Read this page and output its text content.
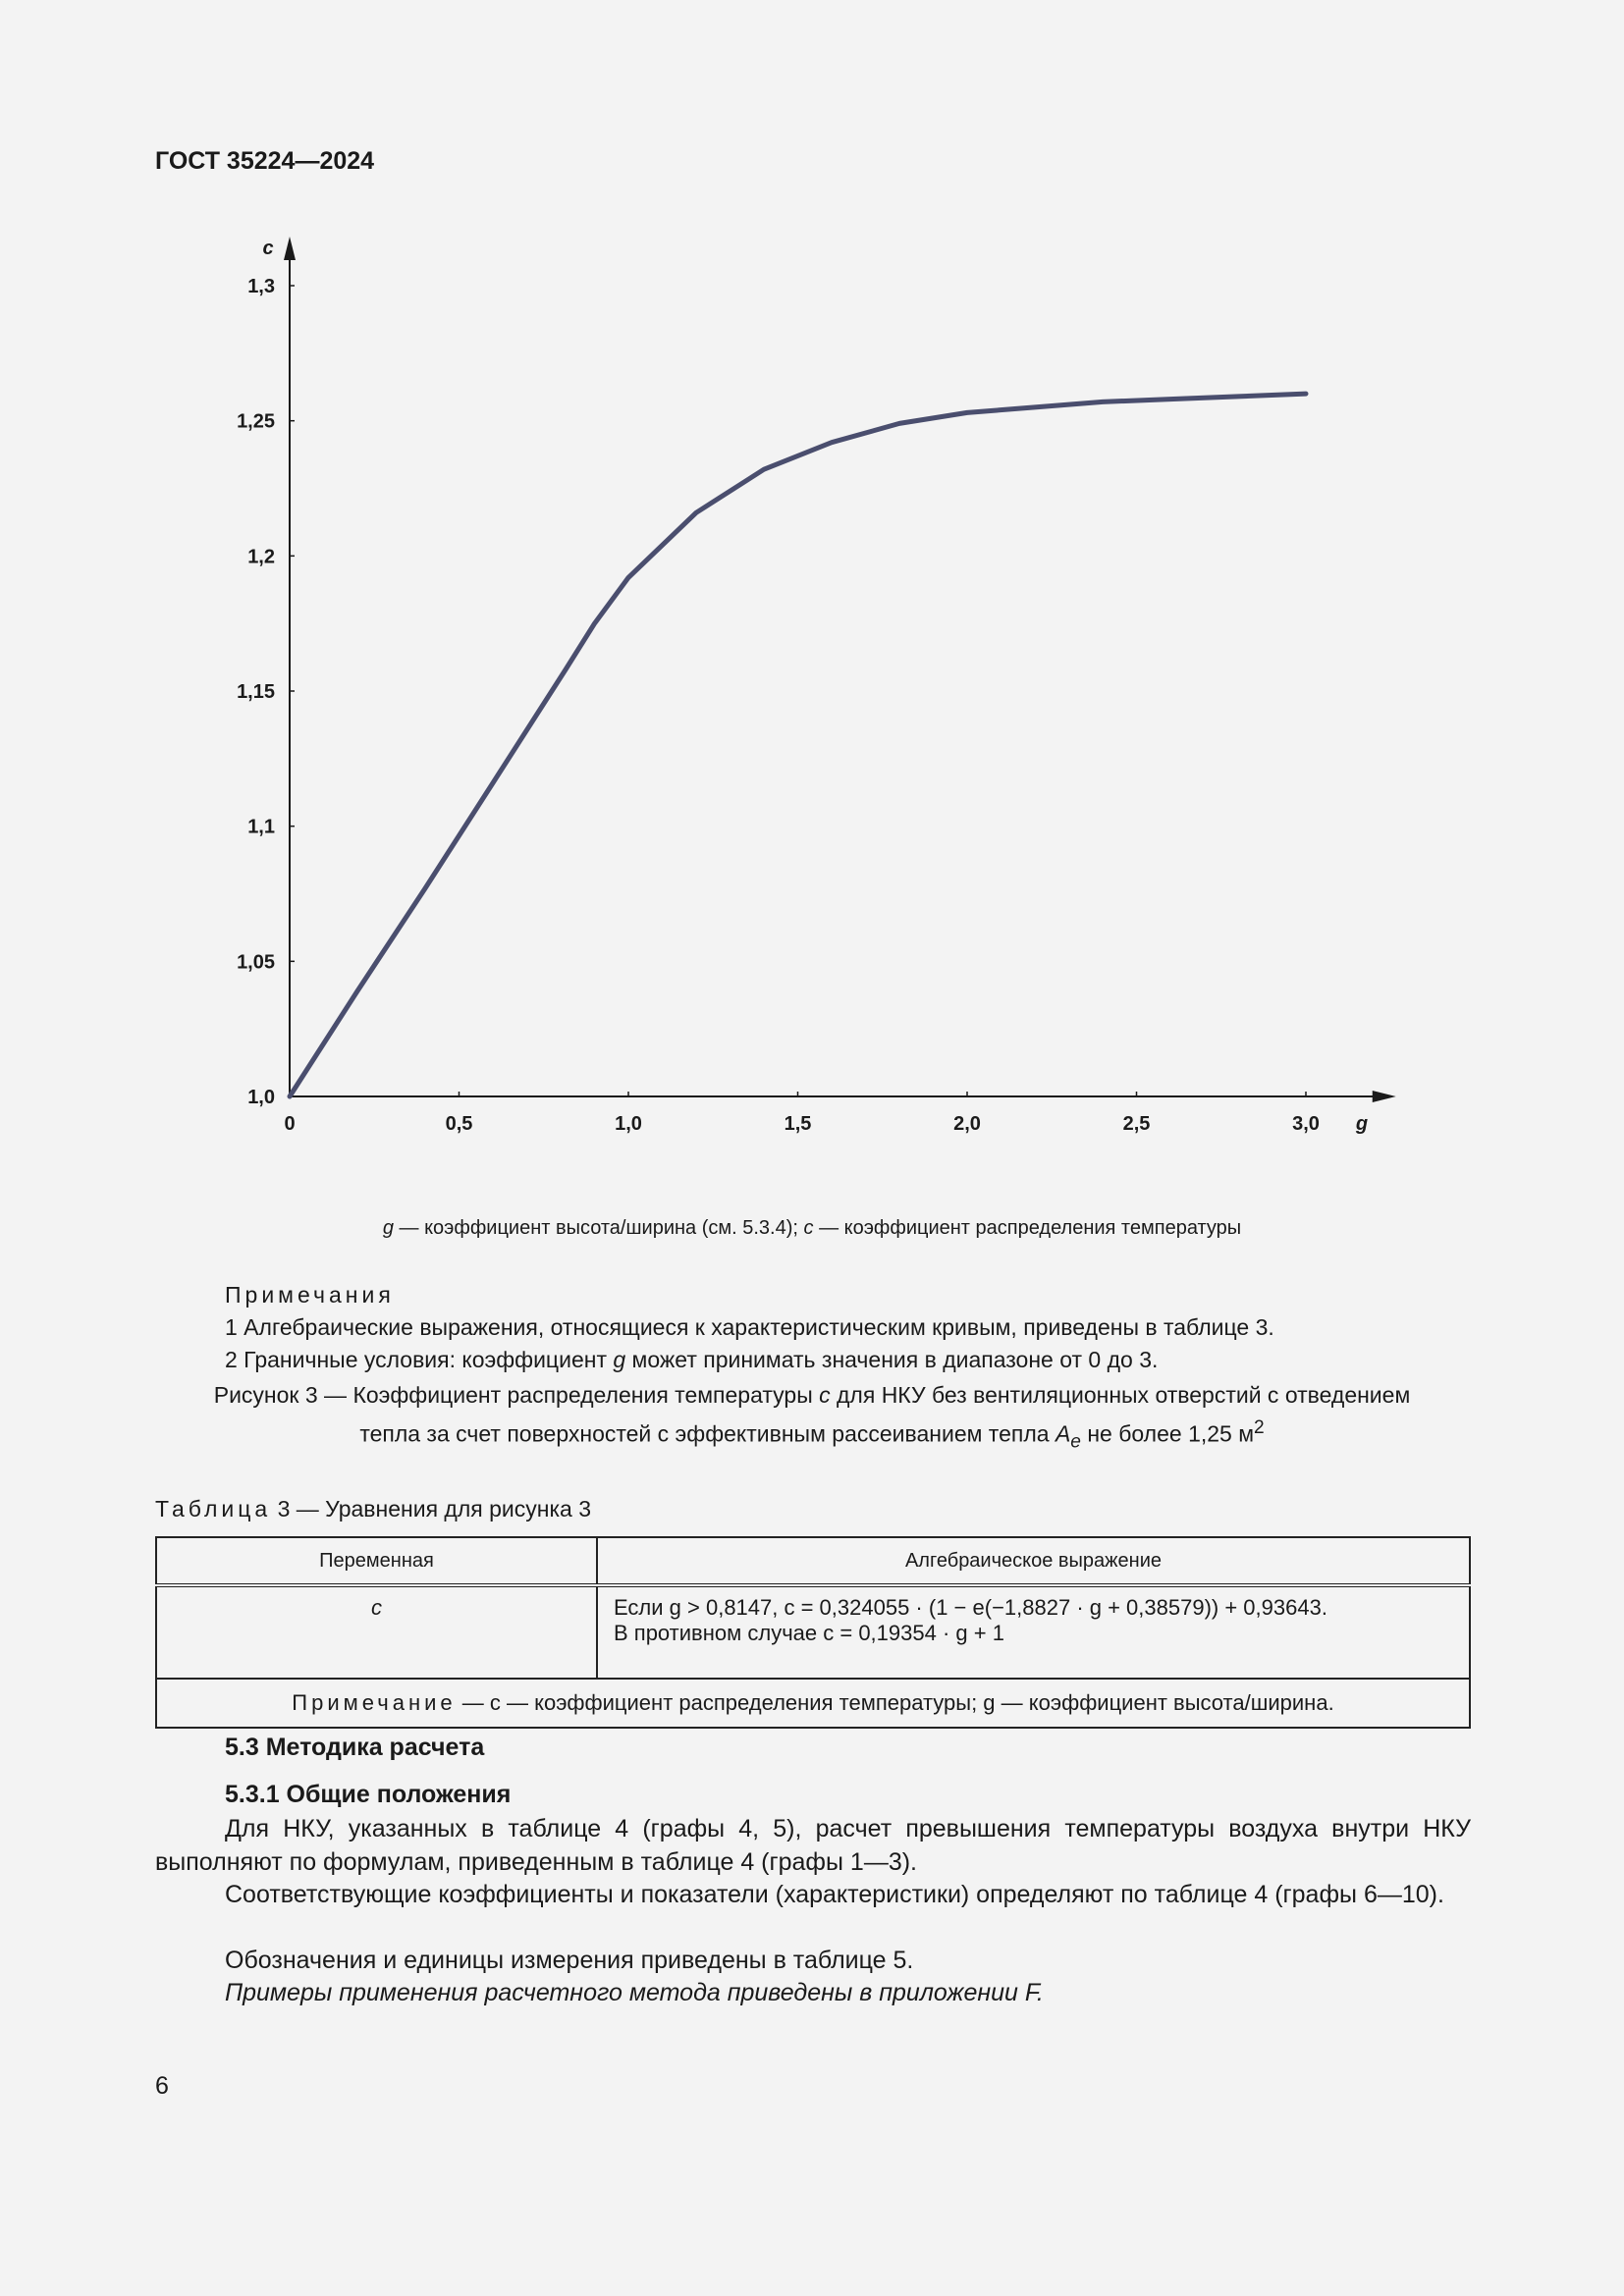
ГОСТ 35224—2024
0	0,5	1,0	1,5	2,0	2,5	3,0
1,0
1,05
1,1
1,15
1,2
1,25
1,3
g
c
g — коэффициент высота/ширина (см. 5.3.4); c — коэффициент распределения температуры
Примечания
1 Алгебраические выражения, относящиеся к характеристическим кривым, приведены в таблице 3.
2 Граничные условия: коэффициент g может принимать значения в диапазоне от 0 до 3.
Рисунок 3 — Коэффициент распределения температуры c для НКУ без вентиляционных отверстий с отведением
тепла за счет поверхностей с эффективным рассеиванием тепла $A_e$ не более 1,25 $м^2$
Таблица 3 — Уравнения для рисунка 3
Переменная	Алгебраическое выражение
c	Если g > 0,8147, c = 0,324055 · (1 − e(−1,8827 · g + 0,38579)) + 0,93643.
В противном случае c = 0,19354 · g + 1

Примечание — c — коэффициент распределения температуры; g — коэффициент высота/ширина.	
5.3 Методика расчета
5.3.1 Общие положения
Для НКУ, указанных в таблице 4 (графы 4, 5), расчет превышения температуры воздуха внутри НКУ выполняют по формулам, приведенным в таблице 4 (графы 1—3).
Соответствующие коэффициенты и показатели (характеристики) определяют по таблице 4 (графы 6—10).
Обозначения и единицы измерения приведены в таблице 5.
Примеры применения расчетного метода приведены в приложении F.
6
